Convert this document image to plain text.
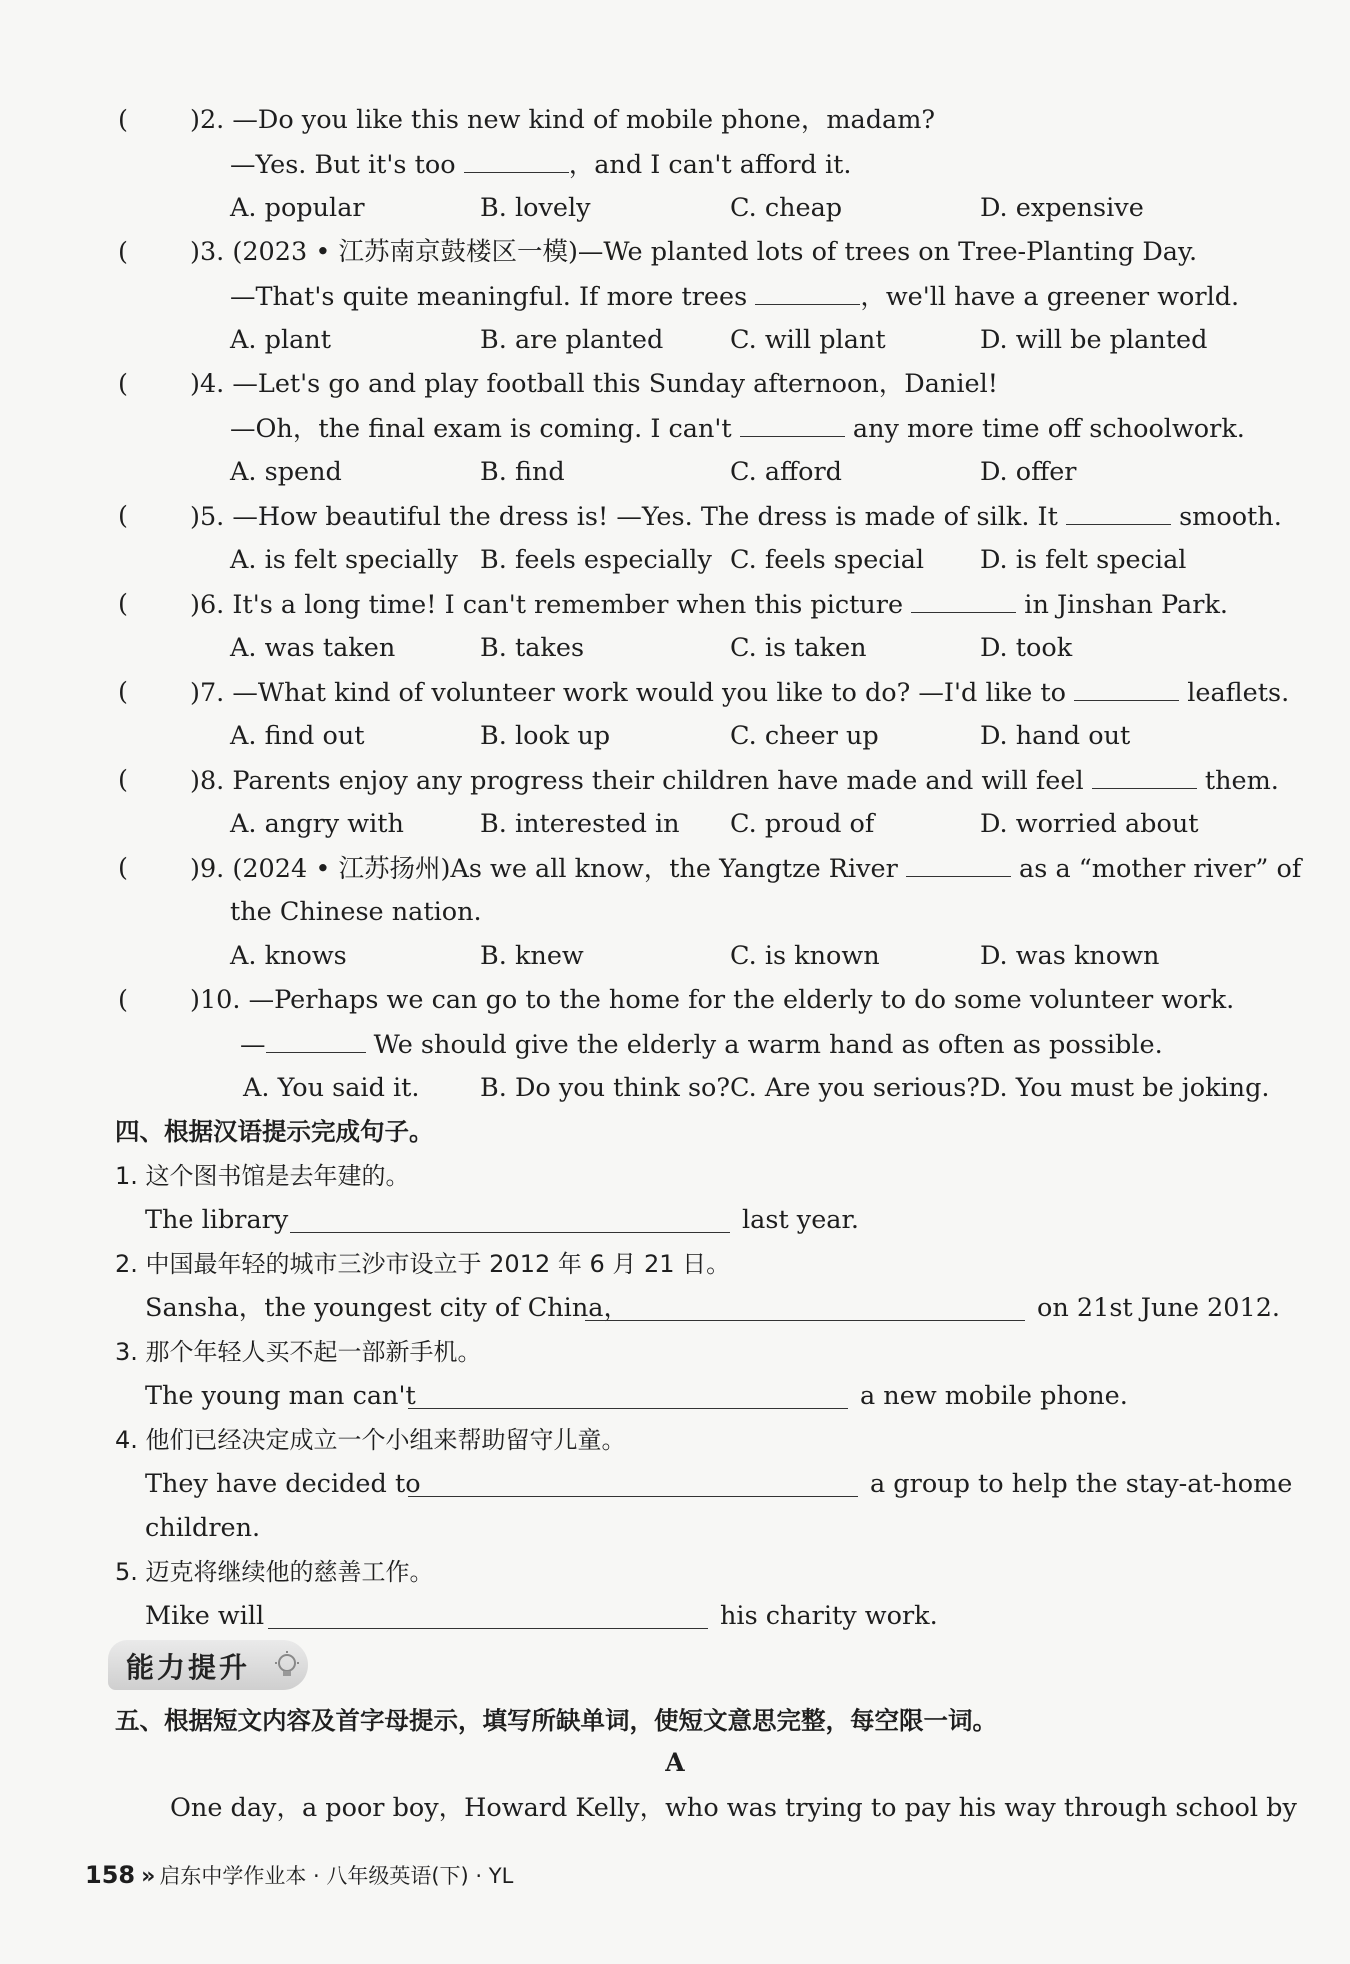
( )2. —Do you like this new kind of mobile phone，madam?
—Yes. But it's too	，and I can't afford it.
A. popular	B. lovely	C. cheap	D. expensive
( )3. (2023 • 江苏南京鼓楼区一模)—We planted lots of trees on Tree-Planting Day.
—That's quite meaningful. If more trees	，we'll have a greener world.
A. plant	B. are planted	C. will plant	D. will be planted
( )4. —Let's go and play football this Sunday afternoon，Daniel!
—Oh，the final exam is coming. I can't	any more time off schoolwork.
A. spend	B. find	C. afford	D. offer
( )5. —How beautiful the dress is! —Yes. The dress is made of silk. It	smooth.
A. is felt specially B. feels especially C. feels special D. is felt special
( )6. It's a long time! I can't remember when this picture	in Jinshan Park.
A. was taken	B. takes	C. is taken	D. took
( )7. —What kind of volunteer work would you like to do? —I'd like to	leaflets.
A. find out	B. look up	C. cheer up	D. hand out
( )8. Parents enjoy any progress their children have made and will feel	them.
A. angry with	B. interested in C. proud of	D. worried about
( )9. (2024 • 江苏扬州)As we all know，the Yangtze River	as a “mother river” of
the Chinese nation.
A. knows	B. knew	C. is known	D. was known
( )10. —Perhaps we can go to the home for the elderly to do some volunteer work.
—	We should give the elderly a warm hand as often as possible.
A. You said it. B. Do you think so? C. Are you serious? D. You must be joking.
四、根据汉语提示完成句子。
1. 这个图书馆是去年建的。
The library	last year.
2. 中国最年轻的城市三沙市设立于 2012 年 6 月 21 日。
Sansha，the youngest city of China，	on 21st June 2012.
3. 那个年轻人买不起一部新手机。
The young man can't	a new mobile phone.
4. 他们已经决定成立一个小组来帮助留守儿童。
They have decided to	a group to help the stay-at-home
children.
5. 迈克将继续他的慈善工作。
Mike will	his charity work.
五、根据短文内容及首字母提示，填写所缺单词，使短文意思完整，每空限一词。
A
One day，a poor boy，Howard Kelly，who was trying to pay his way through school by
能力提升
158 » 启东中学作业本 · 八年级英语(下) · YL
